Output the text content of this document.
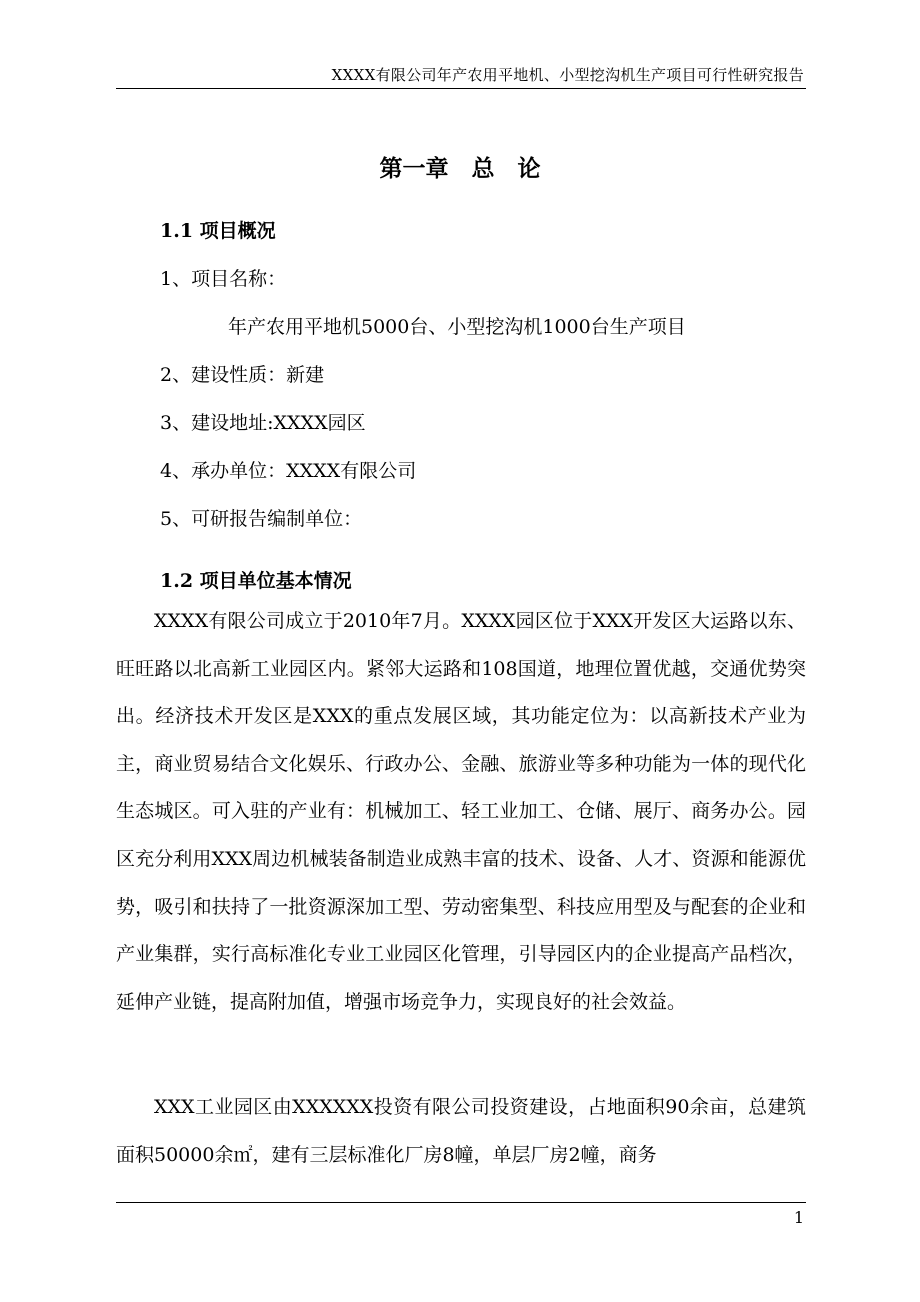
XXXX有限公司年产农用平地机、小型挖沟机生产项目可行性研究报告
第一章　总　论
1.1 项目概况
1、项目名称：
年产农用平地机5000台、小型挖沟机1000台生产项目
2、建设性质：新建
3、建设地址:XXXX园区
4、承办单位：XXXX有限公司
5、可研报告编制单位：
1.2 项目单位基本情况
XXXX有限公司成立于2010年7月。XXXX园区位于XXX开发区大运路以东、旺旺路以北高新工业园区内。紧邻大运路和108国道，地理位置优越，交通优势突出。经济技术开发区是XXX的重点发展区域，其功能定位为：以高新技术产业为主，商业贸易结合文化娱乐、行政办公、金融、旅游业等多种功能为一体的现代化生态城区。可入驻的产业有：机械加工、轻工业加工、仓储、展厅、商务办公。园区充分利用XXX周边机械装备制造业成熟丰富的技术、设备、人才、资源和能源优势，吸引和扶持了一批资源深加工型、劳动密集型、科技应用型及与配套的企业和产业集群，实行高标准化专业工业园区化管理，引导园区内的企业提高产品档次，延伸产业链，提高附加值，增强市场竞争力，实现良好的社会效益。
XXX工业园区由XXXXXX投资有限公司投资建设，占地面积90余亩，总建筑面积50000余㎡，建有三层标准化厂房8幢，单层厂房2幢，商务
1
